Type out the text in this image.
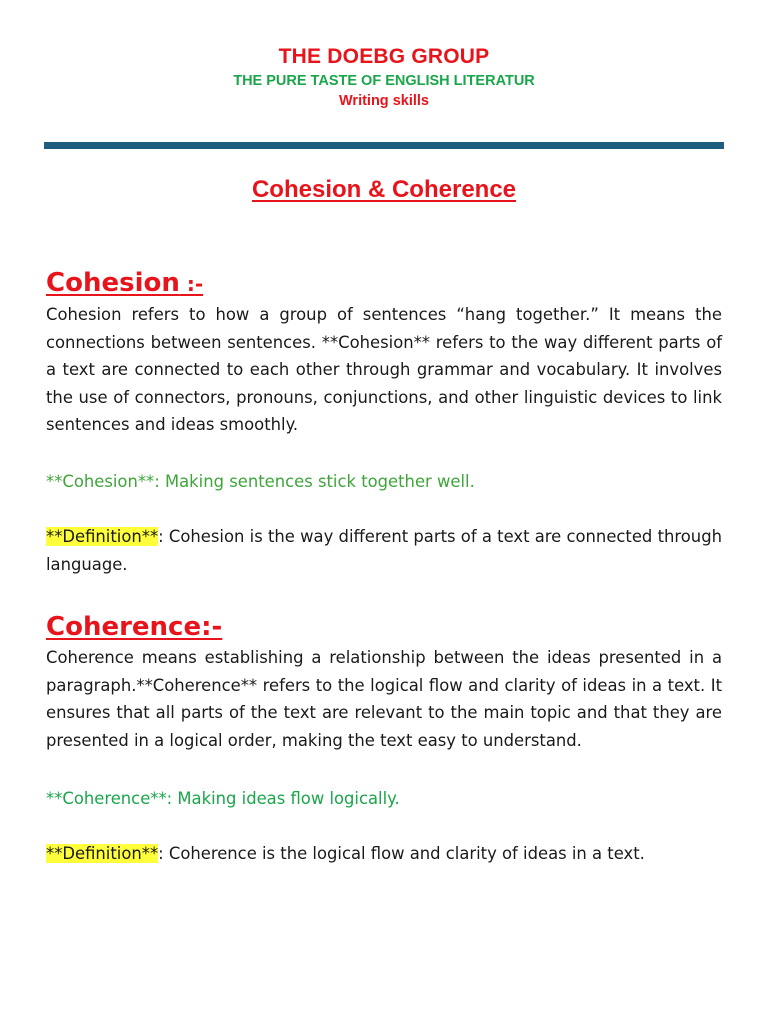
THE DOEBG GROUP
THE PURE TASTE OF ENGLISH LITERATUR
Writing skills
Cohesion & Coherence
Cohesion :-

Cohesion refers to how a group of sentences “hang together.” It means the connections between sentences. **Cohesion** refers to the way different parts of a text are connected to each other through grammar and vocabulary. It involves the use of connectors, pronouns, conjunctions, and other linguistic devices to link sentences and ideas smoothly.

**Cohesion**: Making sentences stick together well.

**Definition**: Cohesion is the way different parts of a text are connected through language.

Coherence:-

Coherence means establishing a relationship between the ideas presented in a paragraph.**Coherence** refers to the logical flow and clarity of ideas in a text. It ensures that all parts of the text are relevant to the main topic and that they are presented in a logical order, making the text easy to understand.

**Coherence**: Making ideas flow logically.

**Definition**: Coherence is the logical flow and clarity of ideas in a text.
